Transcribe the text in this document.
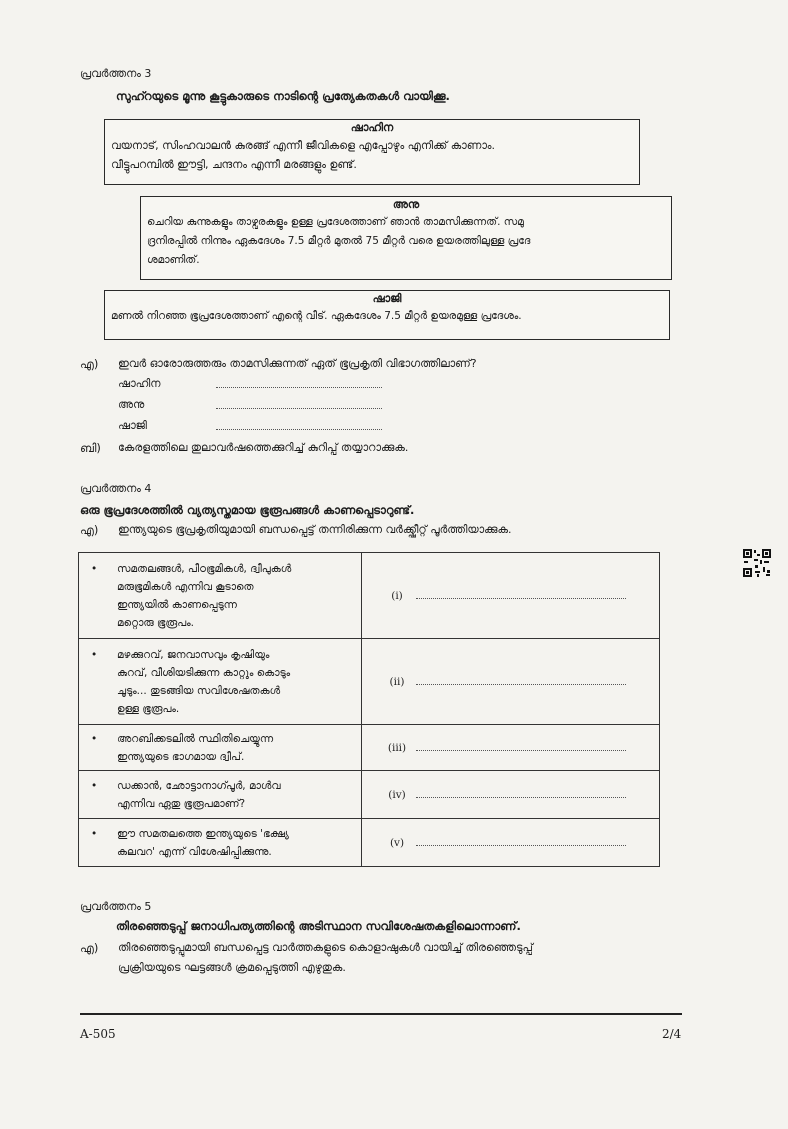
പ്രവർത്തനം 3
സുഹ്റയുടെ മൂന്നു കൂട്ടുകാരുടെ നാടിന്റെ പ്രത്യേകതകൾ വായിക്കൂ.
ഷാഹിന
വയനാട്, സിംഹവാലൻ കുരങ്ങ് എന്നീ ജീവികളെ എപ്പോഴും എനിക്ക് കാണാം.
വീട്ടുപറമ്പിൽ ഈട്ടി, ചന്ദനം എന്നീ മരങ്ങളും ഉണ്ട്.
അനു
ചെറിയ കുന്നുകളും താഴ്വരകളും ഉള്ള പ്രദേശത്താണ് ഞാൻ താമസിക്കുന്നത്. സമു
ദ്രനിരപ്പിൽ നിന്നും ഏകദേശം 7.5 മീറ്റർ മുതൽ 75 മീറ്റർ വരെ ഉയരത്തിലുള്ള പ്രദേ
ശമാണിത്.
ഷാജി
മണൽ നിറഞ്ഞ ഭൂപ്രദേശത്താണ് എന്റെ വീട്. ഏകദേശം 7.5 മീറ്റർ ഉയരമുള്ള പ്രദേശം.
എ) ഇവർ ഓരോരുത്തരും താമസിക്കുന്നത് ഏത് ഭൂപ്രകൃതി വിഭാഗത്തിലാണ്?
ഷാഹിന
അനു
ഷാജി
ബി) കേരളത്തിലെ തുലാവർഷത്തെക്കുറിച്ച് കുറിപ്പ് തയ്യാറാക്കുക.
പ്രവർത്തനം 4
ഒരു ഭൂപ്രദേശത്തിൽ വ്യത്യസ്തമായ ഭൂരൂപങ്ങൾ കാണപ്പെടാറുണ്ട്.
എ) ഇന്ത്യയുടെ ഭൂപ്രകൃതിയുമായി ബന്ധപ്പെട്ട് തന്നിരിക്കുന്ന വർക്ക്ഷീറ്റ് പൂർത്തിയാക്കുക.
• സമതലങ്ങൾ, പീഠഭൂമികൾ, ദ്വീപുകൾ
മരുഭൂമികൾ എന്നിവ കൂടാതെ
ഇന്ത്യയിൽ കാണപ്പെടുന്ന
മറ്റൊരു ഭൂരൂപം.	(i)

• മഴക്കുറവ്, ജനവാസവും കൃഷിയും
കുറവ്, വീശിയടിക്കുന്ന കാറ്റും കൊടും
ചൂടും... തുടങ്ങിയ സവിശേഷതകൾ
ഉള്ള ഭൂരൂപം.	(ii)

• അറബിക്കടലിൽ സ്ഥിതിചെയ്യുന്ന
ഇന്ത്യയുടെ ഭാഗമായ ദ്വീപ്.	(iii)

• ഡക്കാൻ, ഛോട്ടാനാഗ്പൂർ, മാൾവ
എന്നിവ ഏതു ഭൂരൂപമാണ്?	(iv)

• ഈ സമതലത്തെ ഇന്ത്യയുടെ 'ഭക്ഷ്യ
കലവറ' എന്ന് വിശേഷിപ്പിക്കുന്നു.	(v)
പ്രവർത്തനം 5
തിരഞ്ഞെടുപ്പ് ജനാധിപത്യത്തിന്റെ അടിസ്ഥാന സവിശേഷതകളിലൊന്നാണ്.
എ) തിരഞ്ഞെടുപ്പുമായി ബന്ധപ്പെട്ട വാർത്തകളുടെ കൊളാഷുകൾ വായിച്ച് തിരഞ്ഞെടുപ്പ്
പ്രക്രിയയുടെ ഘട്ടങ്ങൾ ക്രമപ്പെടുത്തി എഴുതുക.
A-505	2/4
